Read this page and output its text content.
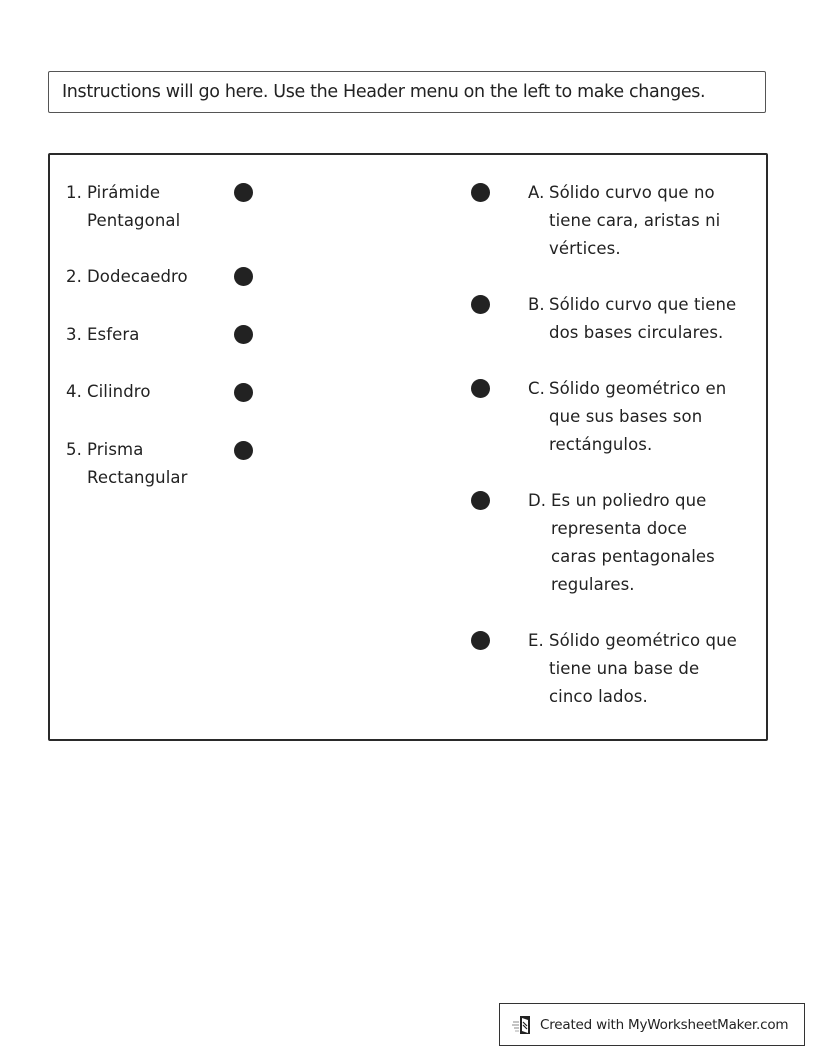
Instructions will go here. Use the Header menu on the left to make changes.
1. Pirámide
Pentagonal
2. Dodecaedro
3. Esfera
4. Cilindro
5. Prisma
Rectangular
A. Sólido curvo que no
tiene cara, aristas ni
vértices.
B. Sólido curvo que tiene
dos bases circulares.
C. Sólido geométrico en
que sus bases son
rectángulos.
D. Es un poliedro que
representa doce
caras pentagonales
regulares.
E. Sólido geométrico que
tiene una base de
cinco lados.
Created with MyWorksheetMaker.com
